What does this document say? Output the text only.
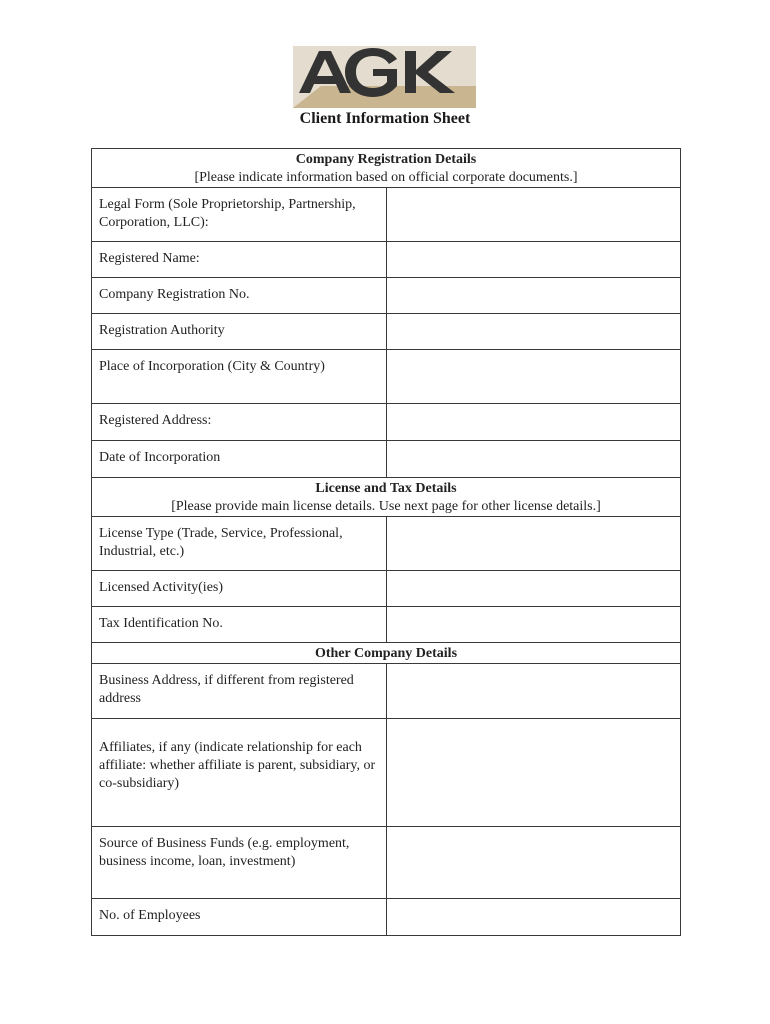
Client Information Sheet
Company Registration Details
[Please indicate information based on official corporate documents.]	

Legal Form (Sole Proprietorship, Partnership, Corporation, LLC):	
Registered Name:	
Company Registration No.	
Registration Authority	
Place of Incorporation (City & Country)	
Registered Address:	
Date of Incorporation	

License and Tax Details
[Please provide main license details. Use next page for other license details.]	

License Type (Trade, Service, Professional, Industrial, etc.)	
Licensed Activity(ies)	
Tax Identification No.	

Other Company Details	

Business Address, if different from registered address	
Affiliates, if any (indicate relationship for each affiliate: whether affiliate is parent, subsidiary, or co-subsidiary)	
Source of Business Funds (e.g. employment, business income, loan, investment)	
No. of Employees	
